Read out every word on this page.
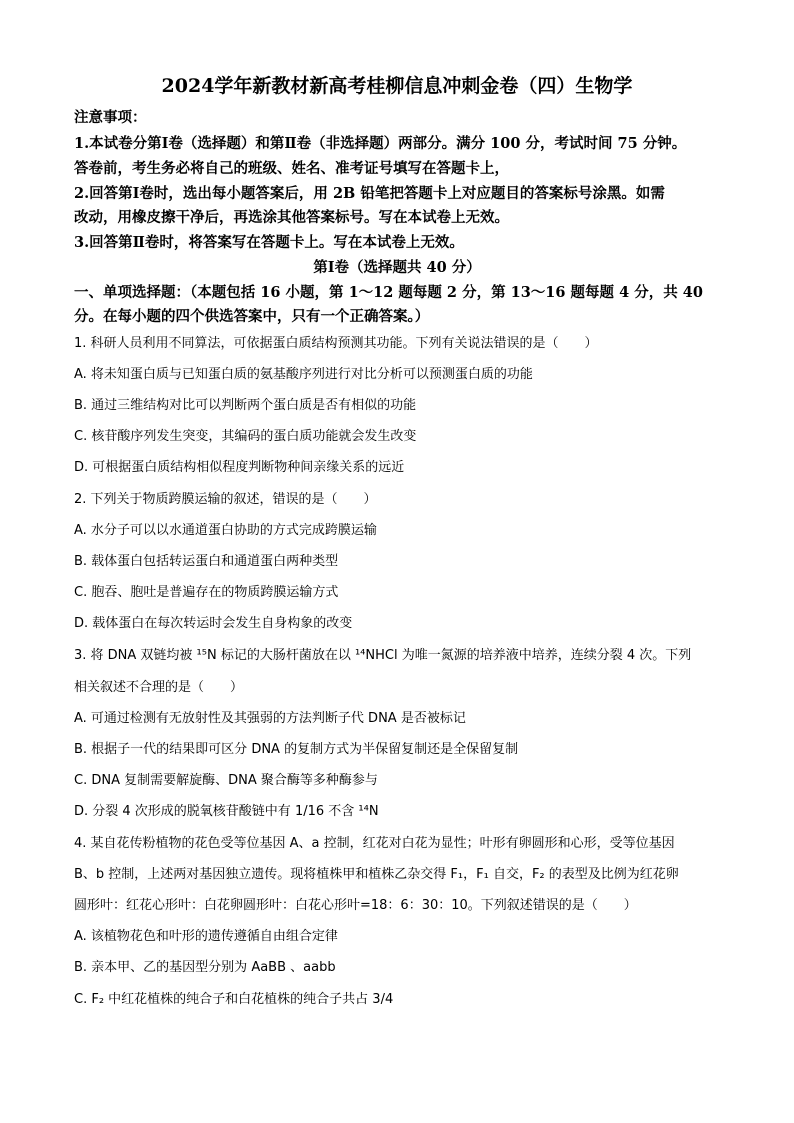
2024学年新教材新高考桂柳信息冲刺金卷（四）生物学
注意事项：
1.本试卷分第Ⅰ卷（选择题）和第Ⅱ卷（非选择题）两部分。满分 100 分，考试时间 75 分钟。
答卷前，考生务必将自己的班级、姓名、准考证号填写在答题卡上，
2.回答第Ⅰ卷时，选出每小题答案后，用 2B 铅笔把答题卡上对应题目的答案标号涂黑。如需
改动，用橡皮擦干净后，再选涂其他答案标号。写在本试卷上无效。
3.回答第Ⅱ卷时，将答案写在答题卡上。写在本试卷上无效。
第Ⅰ卷（选择题共 40 分）
一、单项选择题：（本题包括 16 小题，第 1～12 题每题 2 分，第 13～16 题每题 4 分，共 40
分。在每小题的四个供选答案中，只有一个正确答案。）
1. 科研人员利用不同算法，可依据蛋白质结构预测其功能。下列有关说法错误的是（　　）
A. 将未知蛋白质与已知蛋白质的氨基酸序列进行对比分析可以预测蛋白质的功能
B. 通过三维结构对比可以判断两个蛋白质是否有相似的功能
C. 核苷酸序列发生突变，其编码的蛋白质功能就会发生改变
D. 可根据蛋白质结构相似程度判断物种间亲缘关系的远近
2. 下列关于物质跨膜运输的叙述，错误的是（　　）
A. 水分子可以以水通道蛋白协助的方式完成跨膜运输
B. 载体蛋白包括转运蛋白和通道蛋白两种类型
C. 胞吞、胞吐是普遍存在的物质跨膜运输方式
D. 载体蛋白在每次转运时会发生自身构象的改变
3. 将 DNA 双链均被 ¹⁵N 标记的大肠杆菌放在以 ¹⁴NHCl 为唯一氮源的培养液中培养，连续分裂 4 次。下列
相关叙述不合理的是（　　）
A. 可通过检测有无放射性及其强弱的方法判断子代 DNA 是否被标记
B. 根据子一代的结果即可区分 DNA 的复制方式为半保留复制还是全保留复制
C. DNA 复制需要解旋酶、DNA 聚合酶等多种酶参与
D. 分裂 4 次形成的脱氧核苷酸链中有 1/16 不含 ¹⁴N
4. 某自花传粉植物的花色受等位基因 A、a 控制，红花对白花为显性；叶形有卵圆形和心形，受等位基因
B、b 控制，上述两对基因独立遗传。现将植株甲和植株乙杂交得 F₁，F₁ 自交，F₂ 的表型及比例为红花卵
圆形叶：红花心形叶：白花卵圆形叶：白花心形叶=18：6：30：10。下列叙述错误的是（　　）
A. 该植物花色和叶形的遗传遵循自由组合定律
B. 亲本甲、乙的基因型分别为 AaBB 、aabb
C. F₂ 中红花植株的纯合子和白花植株的纯合子共占 3/4
